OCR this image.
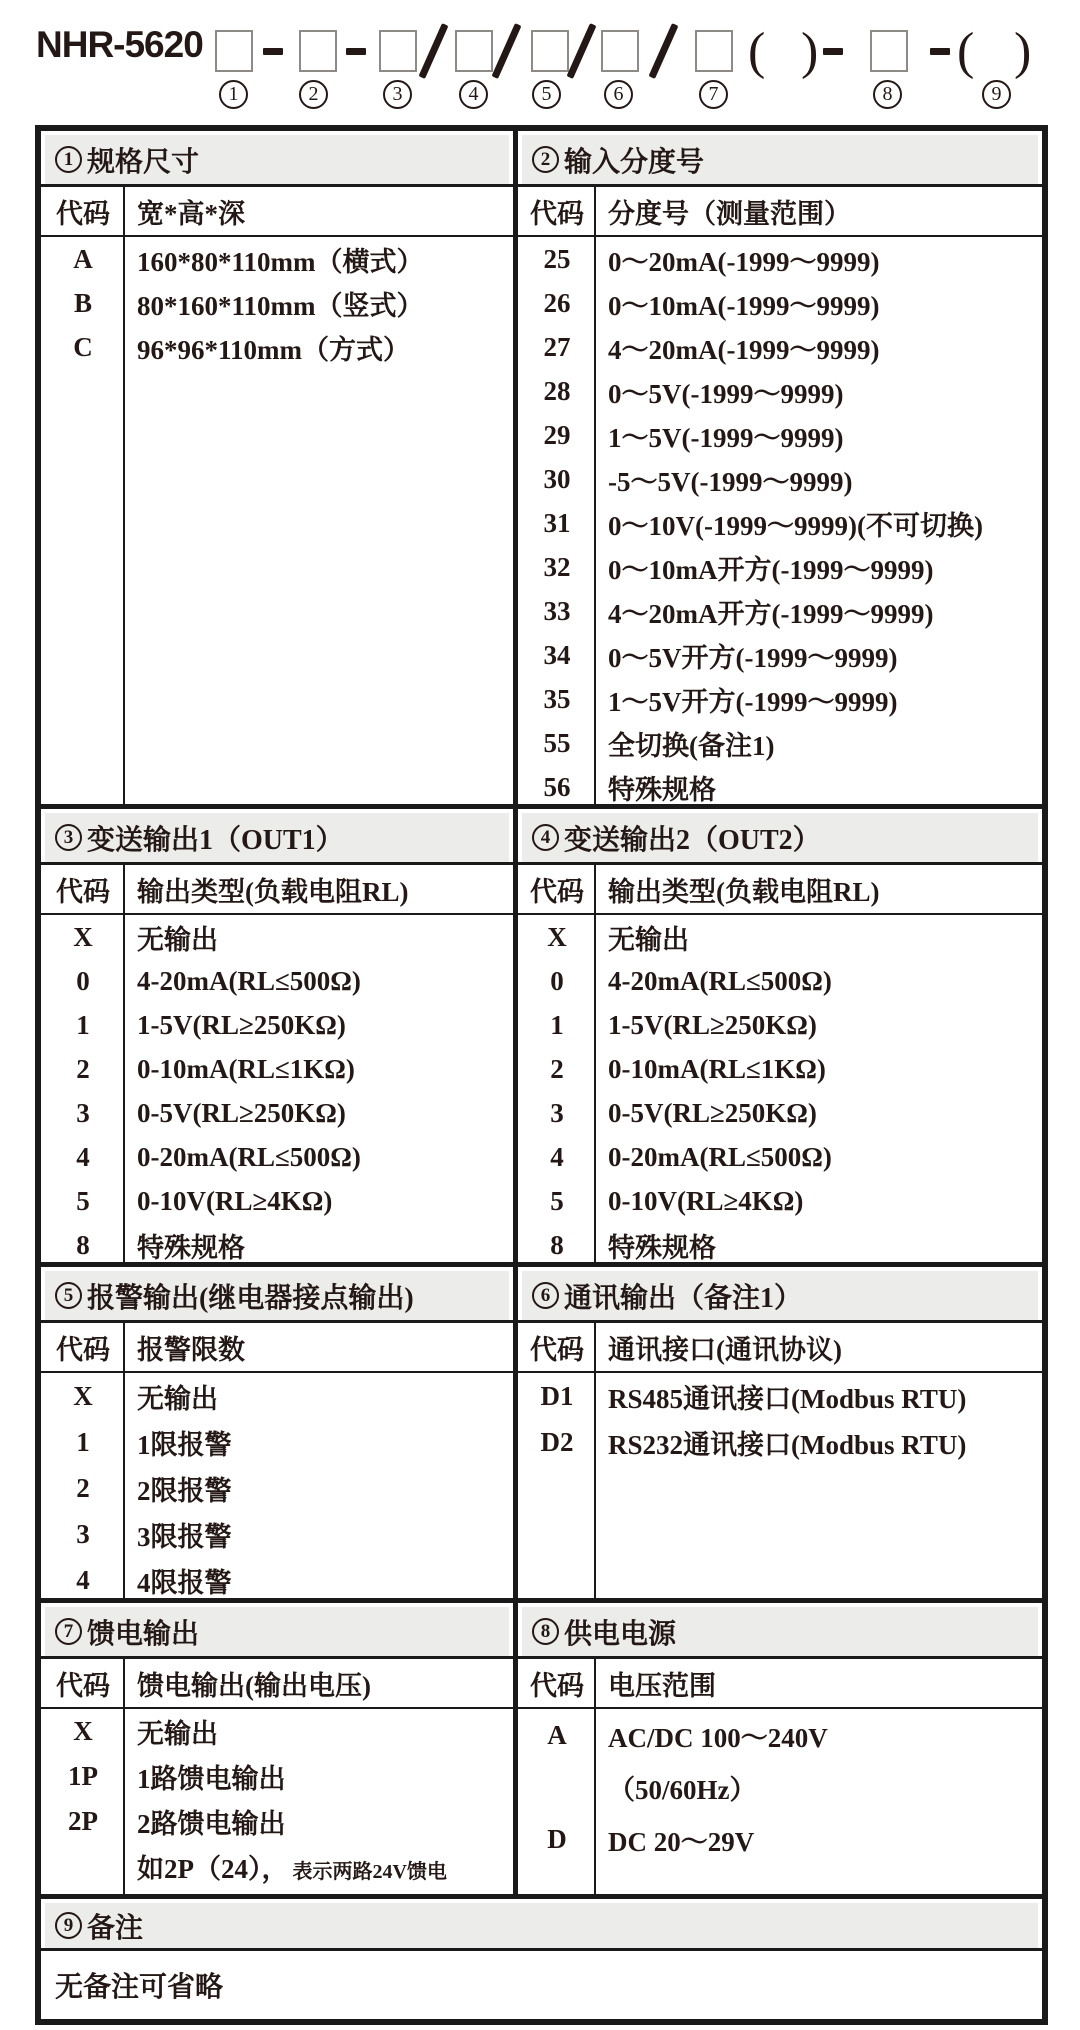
NHR-5620	( )	( )
1	2	3	4	5	6	7	8	9
1 规格尺寸
代码	宽*高*深
A	160*80*110mm（横式）
B	80*160*110mm（竖式）
C	96*96*110mm（方式）
2 输入分度号
代码 分度号（测量范围）
25	0～20mA(-1999～9999)
26	0～10mA(-1999～9999)
27	4～20mA(-1999～9999)
28	0～5V(-1999～9999)
29	1～5V(-1999～9999)
30	-5～5V(-1999～9999)
31	0～10V(-1999～9999)(不可切换)
32	0～10mA开方(-1999～9999)
33	4～20mA开方(-1999～9999)
34	0～5V开方(-1999～9999)
35	1～5V开方(-1999～9999)
55	全切换(备注1)
56	特殊规格
3 变送输出1（OUT1）
代码	输出类型(负载电阻RL)
X	无输出
0	4-20mA(RL≤500Ω)
1	1-5V(RL≥250KΩ)
2	0-10mA(RL≤1KΩ)
3	0-5V(RL≥250KΩ)
4	0-20mA(RL≤500Ω)
5	0-10V(RL≥4KΩ)
8	特殊规格
4 变送输出2（OUT2）
代码 输出类型(负载电阻RL)
X	无输出
0	4-20mA(RL≤500Ω)
1	1-5V(RL≥250KΩ)
2	0-10mA(RL≤1KΩ)
3	0-5V(RL≥250KΩ)
4	0-20mA(RL≤500Ω)
5	0-10V(RL≥4KΩ)
8	特殊规格
5 报警输出(继电器接点输出)
代码	报警限数
X	无输出
1	1限报警
2	2限报警
3	3限报警
4	4限报警
6 通讯输出（备注1）
代码 通讯接口(通讯协议)
D1	RS485通讯接口(Modbus RTU)
D2	RS232通讯接口(Modbus RTU)
7 馈电输出
代码	馈电输出(输出电压)
X	无输出
1P	1路馈电输出
2P	2路馈电输出
如2P（24）， 表示两路24V馈电
8 供电电源
代码 电压范围
A	AC/DC 100～240V
（50/60Hz）
D	DC 20～29V
9 备注
无备注可省略
